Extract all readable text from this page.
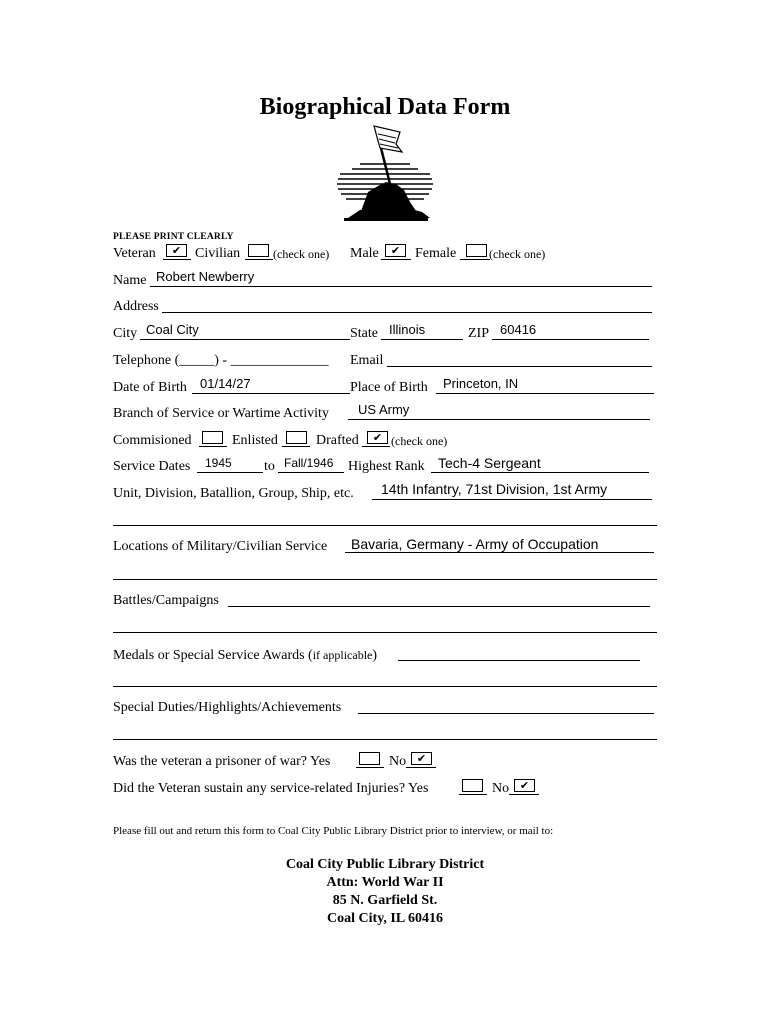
Biographical Data Form
PLEASE PRINT CLEARLY
Veteran	✔ Civilian	(check one) Male	✔	Female	(check one)
Name Robert Newberry
Address
City Coal City	State Illinois	ZIP 60416
Telephone (_____) - ______________ Email
Date of Birth 01/14/27	Place of Birth Princeton, IN
Branch of Service or Wartime Activity US Army
Commisioned	Enlisted	Drafted	✔ (check one)
Service Dates 1945 to Fall/1946 Highest Rank Tech-4 Sergeant
Unit, Division, Batallion, Group, Ship, etc. 14th Infantry, 71st Division, 1st Army
Locations of Military/Civilian Service Bavaria, Germany - Army of Occupation
Battles/Campaigns
Medals or Special Service Awards (if applicable)
Special Duties/Highlights/Achievements
Was the veteran a prisoner of war? Yes	No ✔
Did the Veteran sustain any service-related Injuries? Yes	No ✔
Please fill out and return this form to Coal City Public Library District prior to interview, or mail to:
Coal City Public Library District
Attn: World War II
85 N. Garfield St.
Coal City, IL 60416
